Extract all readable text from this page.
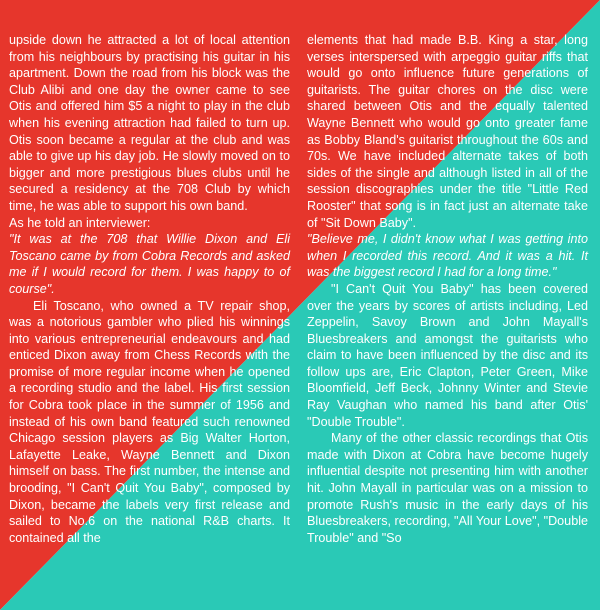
upside down he attracted a lot of local attention from his neighbours by practising his guitar in his apartment. Down the road from his block was the Club Alibi and one day the owner came to see Otis and offered him $5 a night to play in the club when his evening attraction had failed to turn up. Otis soon became a regular at the club and was able to give up his day job. He slowly moved on to bigger and more prestigious blues clubs until he secured a residency at the 708 Club by which time, he was able to support his own band.

As he told an interviewer:

"It was at the 708 that Willie Dixon and Eli Toscano came by from Cobra Records and asked me if I would record for them. I was happy to of course".

Eli Toscano, who owned a TV repair shop, was a notorious gambler who plied his winnings into various entrepreneurial endeavours and had enticed Dixon away from Chess Records with the promise of more regular income when he opened a recording studio and the label. His first session for Cobra took place in the summer of 1956 and instead of his own band featured such renowned Chicago session players as Big Walter Horton, Lafayette Leake, Wayne Bennett and Dixon himself on bass. The first number, the intense and brooding, "I Can't Quit You Baby", composed by Dixon, became the labels very first release and sailed to No.6 on the national R&B charts. It contained all the

elements that had made B.B. King a star, long verses interspersed with arpeggio guitar riffs that would go onto influence future generations of guitarists. The guitar chores on the disc were shared between Otis and the equally talented Wayne Bennett who would go onto greater fame as Bobby Bland's guitarist throughout the 60s and 70s. We have included alternate takes of both sides of the single and although listed in all of the session discographies under the title "Little Red Rooster" that song is in fact just an alternate take of "Sit Down Baby".

"Believe me, I didn't know what I was getting into when I recorded this record. And it was a hit. It was the biggest record I had for a long time."

"I Can't Quit You Baby" has been covered over the years by scores of artists including, Led Zeppelin, Savoy Brown and John Mayall's Bluesbreakers and amongst the guitarists who claim to have been influenced by the disc and its follow ups are, Eric Clapton, Peter Green, Mike Bloomfield, Jeff Beck, Johnny Winter and Stevie Ray Vaughan who named his band after Otis' "Double Trouble".

Many of the other classic recordings that Otis made with Dixon at Cobra have become hugely influential despite not presenting him with another hit. John Mayall in particular was on a mission to promote Rush's music in the early days of his Bluesbreakers, recording, "All Your Love", "Double Trouble" and "So
